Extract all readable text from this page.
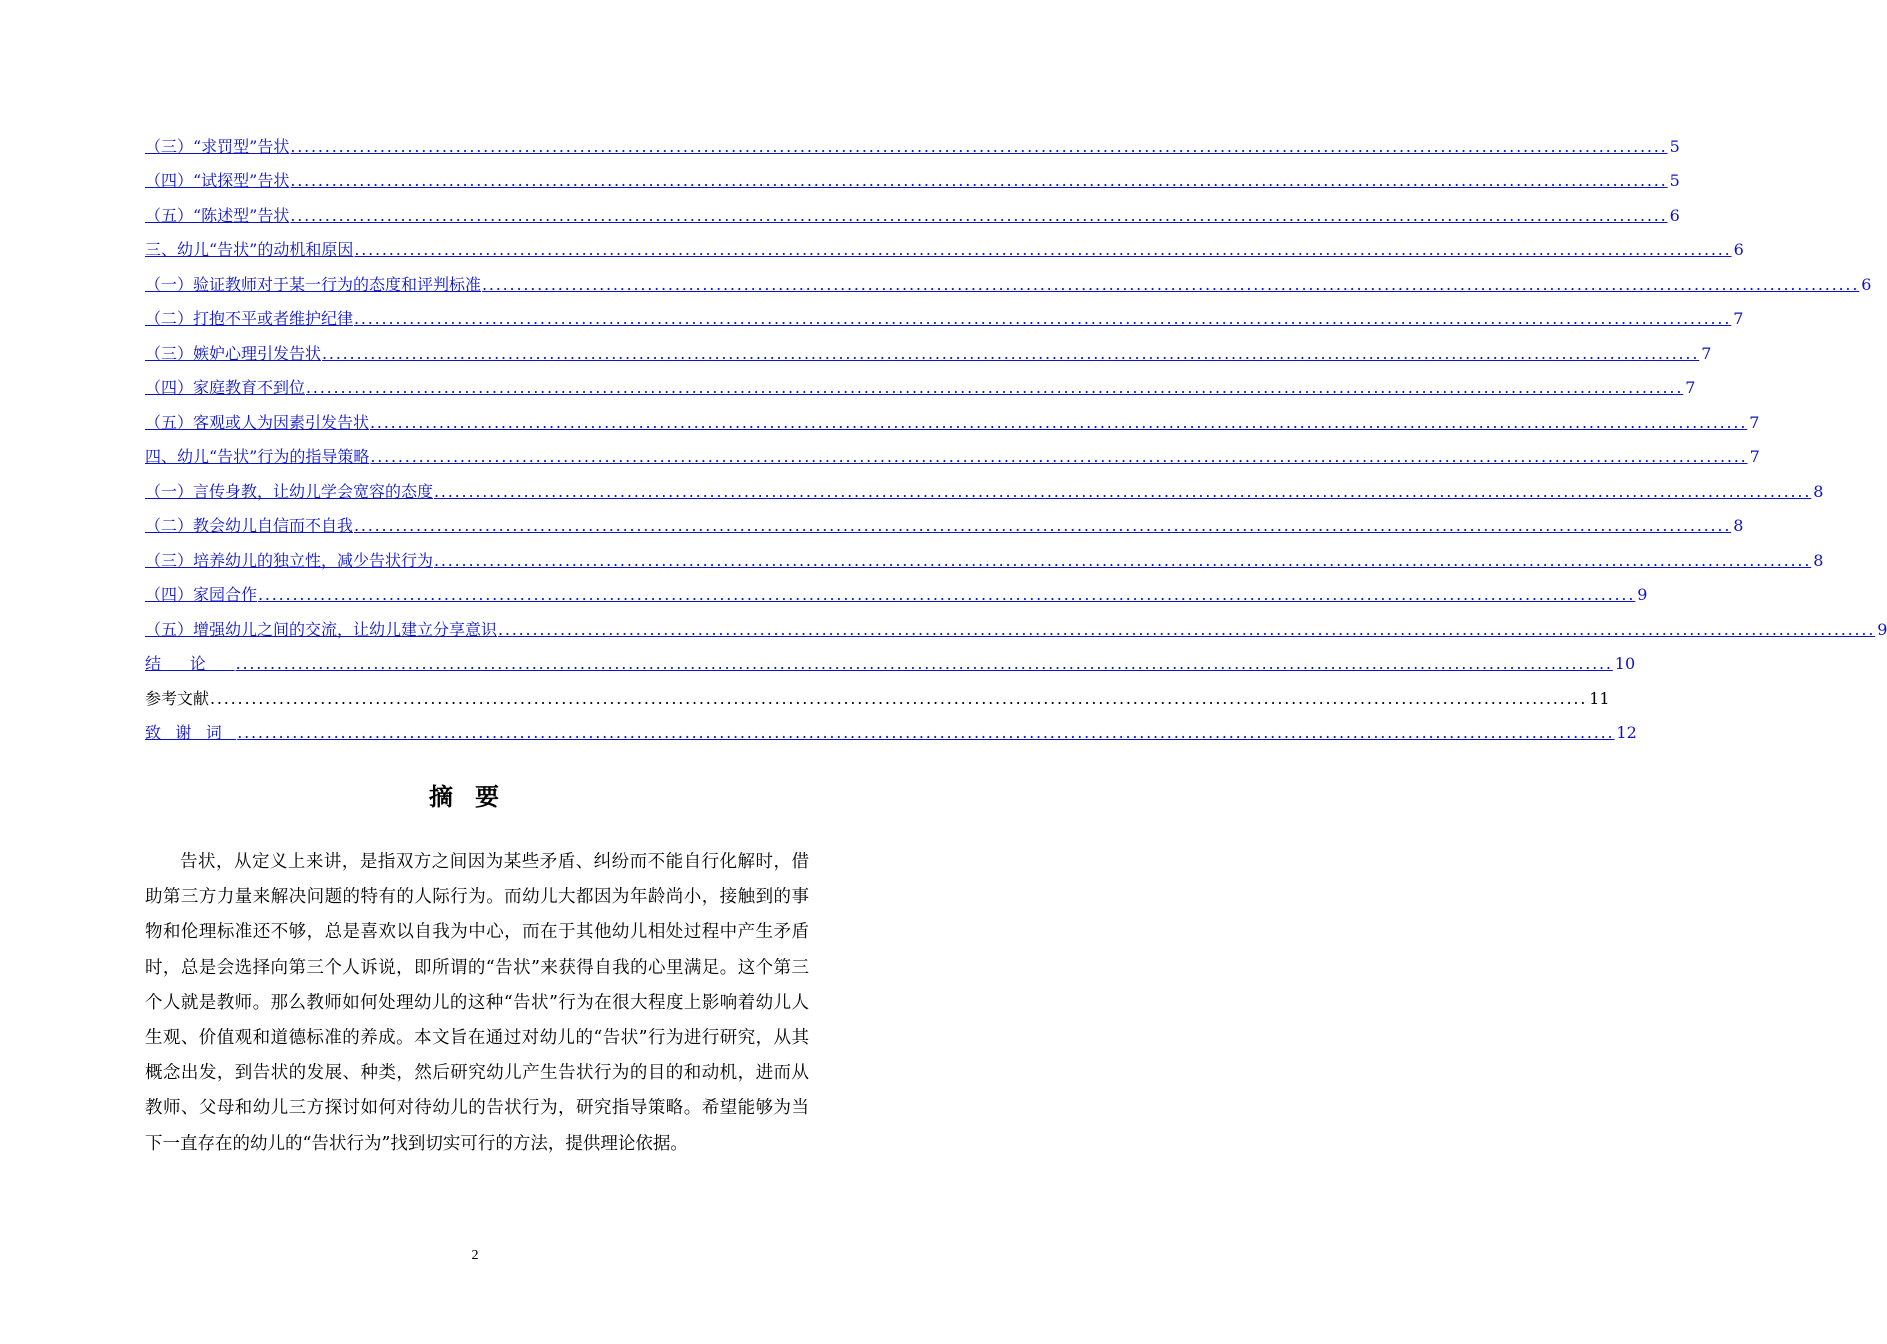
（三）“求罚型”告状 ........................................................................................................................................................................................................ 5
（四）“试探型”告状 ........................................................................................................................................................................................................ 5
（五）“陈述型”告状 ........................................................................................................................................................................................................ 6
三、幼儿“告状”的动机和原因 ........................................................................................................................................................................................................ 6
（一）验证教师对于某一行为的态度和评判标准 ........................................................................................................................................................................................................ 6
（二）打抱不平或者维护纪律 ........................................................................................................................................................................................................ 7
（三）嫉妒心理引发告状 ........................................................................................................................................................................................................ 7
（四）家庭教育不到位 ........................................................................................................................................................................................................ 7
（五）客观或人为因素引发告状 ........................................................................................................................................................................................................ 7
四、幼儿“告状”行为的指导策略 ........................................................................................................................................................................................................ 7
（一）言传身教，让幼儿学会宽容的态度 ........................................................................................................................................................................................................ 8
（二）教会幼儿自信而不自我 ........................................................................................................................................................................................................ 8
（三）培养幼儿的独立性，减少告状行为 ........................................................................................................................................................................................................ 8
（四）家园合作 ........................................................................................................................................................................................................ 9
（五）增强幼儿之间的交流，让幼儿建立分享意识 ........................................................................................................................................................................................................ 9
结论 ........................................................................................................................................................................................................ 10
参考文献 ........................................................................................................................................................................................................ 11
致谢词 ........................................................................................................................................................................................................ 12
摘要

告状，从定义上来讲，是指双方之间因为某些矛盾、纠纷而不能自行化解时，借助第三方力量来解决问题的特有的人际行为。而幼儿大都因为年龄尚小，接触到的事物和伦理标准还不够，总是喜欢以自我为中心，而在于其他幼儿相处过程中产生矛盾时，总是会选择向第三个人诉说，即所谓的“告状”来获得自我的心里满足。这个第三个人就是教师。那么教师如何处理幼儿的这种“告状”行为在很大程度上影响着幼儿人生观、价值观和道德标准的养成。本文旨在通过对幼儿的“告状”行为进行研究，从其概念出发，到告状的发展、种类，然后研究幼儿产生告状行为的目的和动机，进而从教师、父母和幼儿三方探讨如何对待幼儿的告状行为，研究指导策略。希望能够为当下一直存在的幼儿的“告状行为”找到切实可行的方法，提供理论依据。

2
